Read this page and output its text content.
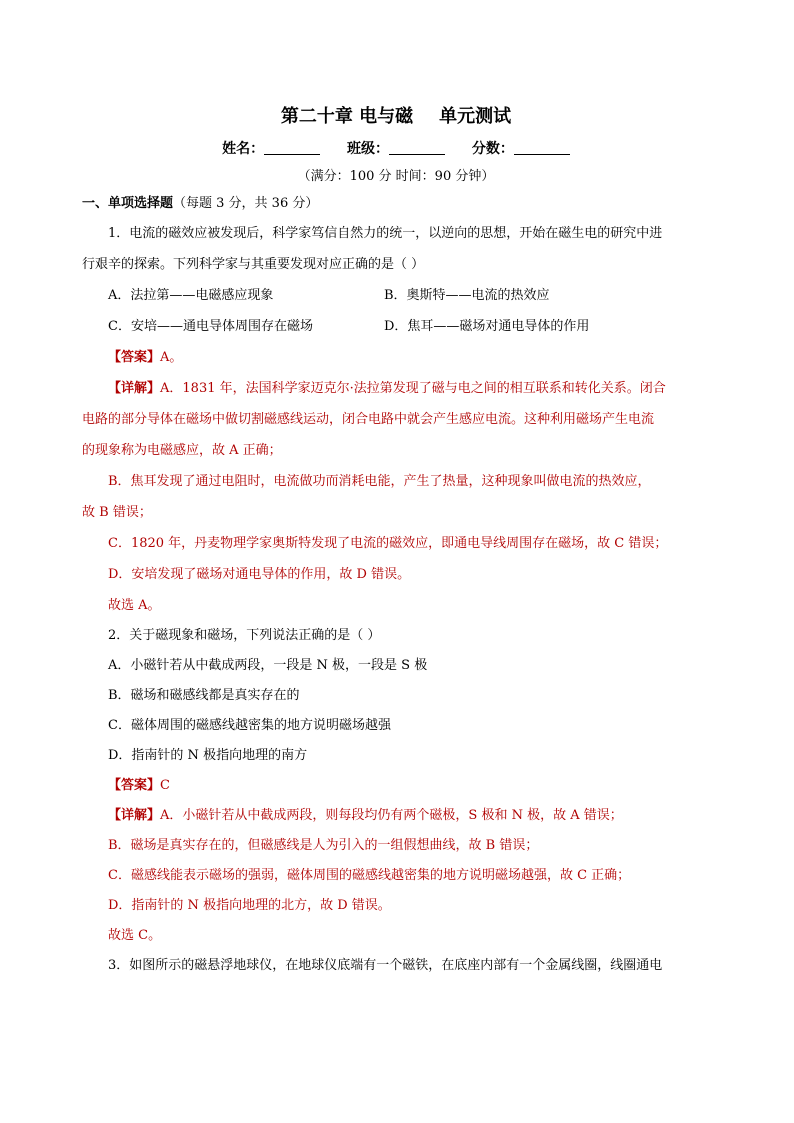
第二十章 电与磁 单元测试
姓名：	班级：	分数：
（满分：100 分 时间：90 分钟）
一、单项选择题（每题 3 分，共 36 分）

1．电流的磁效应被发现后，科学家笃信自然力的统一，以逆向的思想，开始在磁生电的研究中进

行艰辛的探索。下列科学家与其重要发现对应正确的是（ ）

A．法拉第——电磁感应现象	B．奥斯特——电流的热效应
C．安培——通电导体周围存在磁场	D．焦耳——磁场对通电导体的作用

【答案】A。

【详解】A．1831 年，法国科学家迈克尔·法拉第发现了磁与电之间的相互联系和转化关系。闭合

电路的部分导体在磁场中做切割磁感线运动，闭合电路中就会产生感应电流。这种利用磁场产生电流

的现象称为电磁感应，故 A 正确；

B．焦耳发现了通过电阻时，电流做功而消耗电能，产生了热量，这种现象叫做电流的热效应，

故 B 错误；

C．1820 年，丹麦物理学家奥斯特发现了电流的磁效应，即通电导线周围存在磁场，故 C 错误；

D．安培发现了磁场对通电导体的作用，故 D 错误。

故选 A。

2．关于磁现象和磁场，下列说法正确的是（ ）

A．小磁针若从中截成两段，一段是 N 极，一段是 S 极

B．磁场和磁感线都是真实存在的

C．磁体周围的磁感线越密集的地方说明磁场越强

D．指南针的 N 极指向地理的南方

【答案】C

【详解】A．小磁针若从中截成两段，则每段均仍有两个磁极，S 极和 N 极，故 A 错误；

B．磁场是真实存在的，但磁感线是人为引入的一组假想曲线，故 B 错误；

C．磁感线能表示磁场的强弱，磁体周围的磁感线越密集的地方说明磁场越强，故 C 正确；

D．指南针的 N 极指向地理的北方，故 D 错误。

故选 C。

3．如图所示的磁悬浮地球仪，在地球仪底端有一个磁铁，在底座内部有一个金属线圈，线圈通电
